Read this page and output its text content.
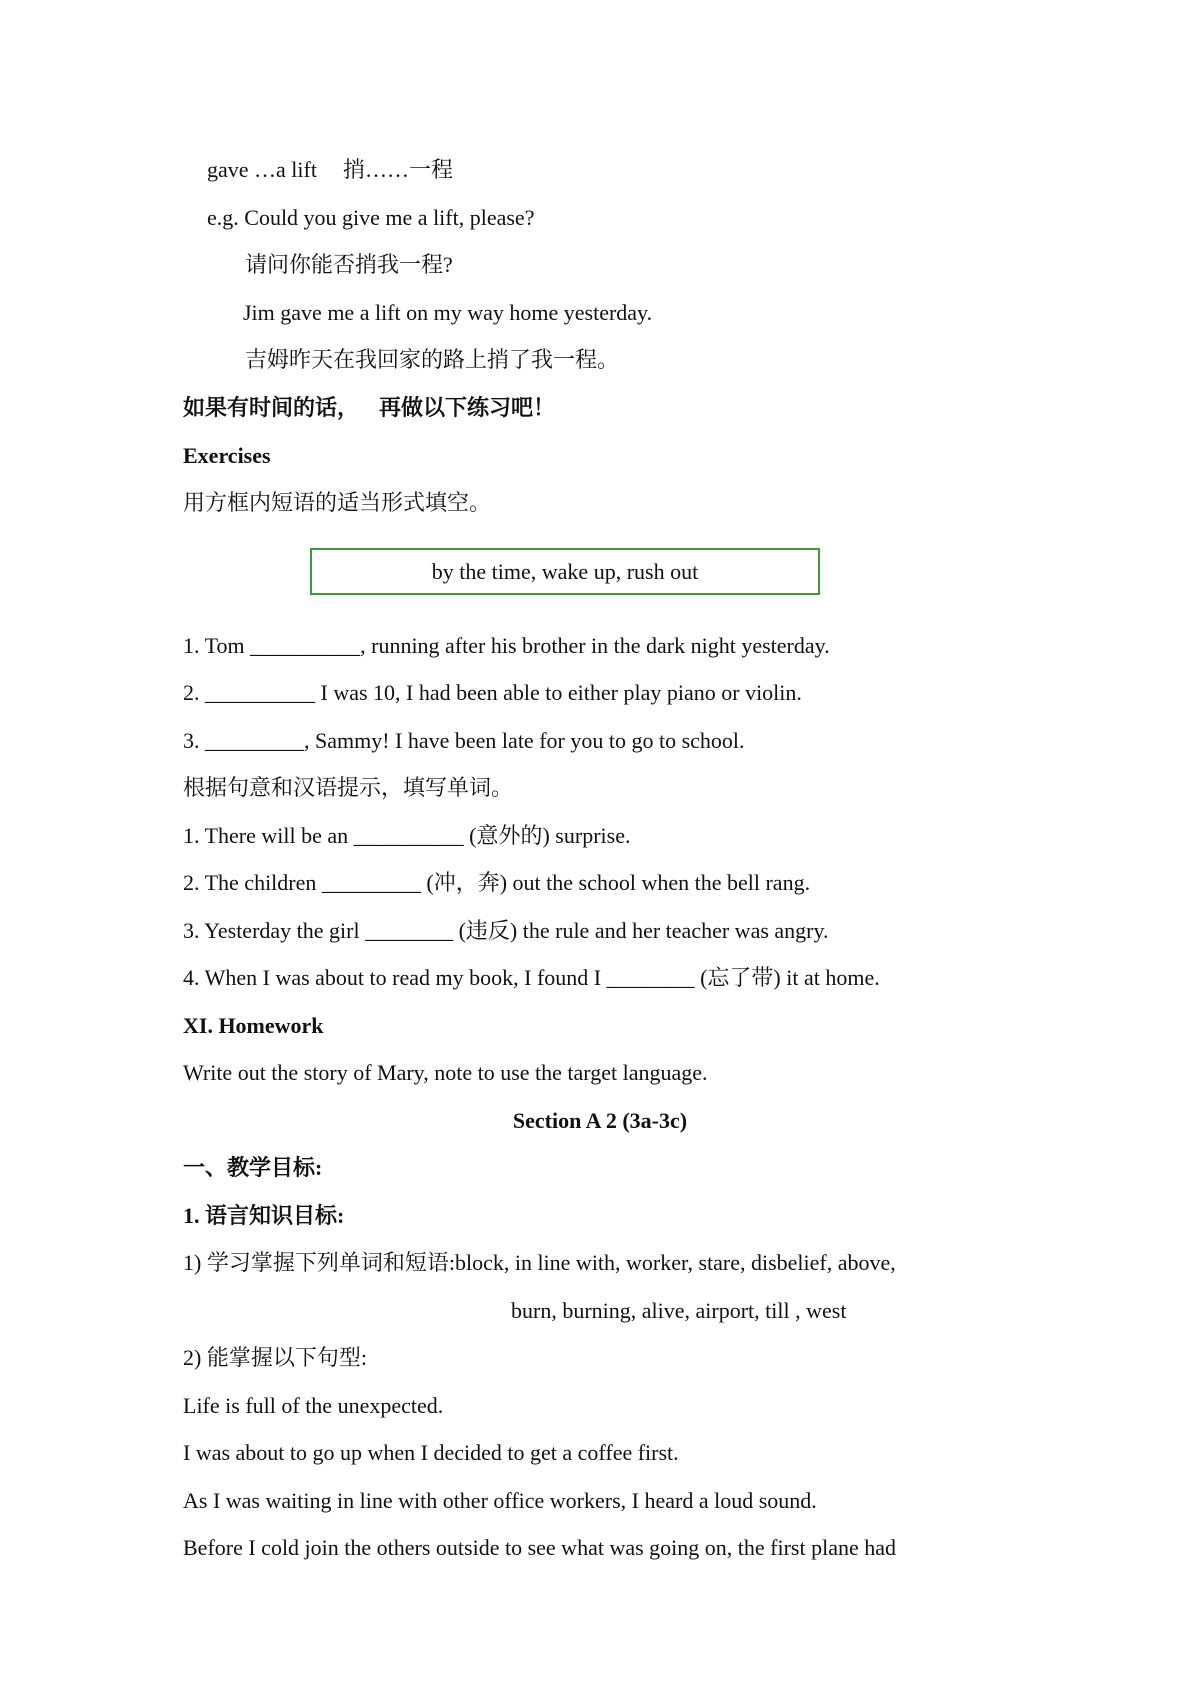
gave …a lift 捎……一程
e.g. Could you give me a lift, please?
请问你能否捎我一程?
Jim gave me a lift on my way home yesterday.
吉姆昨天在我回家的路上捎了我一程。
如果有时间的话， 再做以下练习吧！
Exercises
用方框内短语的适当形式填空。
by the time, wake up, rush out
1. Tom __________, running after his brother in the dark night yesterday.
2. __________ I was 10, I had been able to either play piano or violin.
3. _________, Sammy! I have been late for you to go to school.
根据句意和汉语提示，填写单词。
1. There will be an __________ (意外的) surprise.
2. The children _________ (冲，奔) out the school when the bell rang.
3. Yesterday the girl ________ (违反) the rule and her teacher was angry.
4. When I was about to read my book, I found I ________ (忘了带) it at home.
XI. Homework
Write out the story of Mary, note to use the target language.
Section A 2 (3a-3c)
一、教学目标:
1. 语言知识目标:
1) 学习掌握下列单词和短语:block, in line with, worker, stare, disbelief, above,
burn, burning, alive, airport, till , west
2) 能掌握以下句型:
Life is full of the unexpected.
I was about to go up when I decided to get a coffee first.
As I was waiting in line with other office workers, I heard a loud sound.
Before I cold join the others outside to see what was going on, the first plane had
